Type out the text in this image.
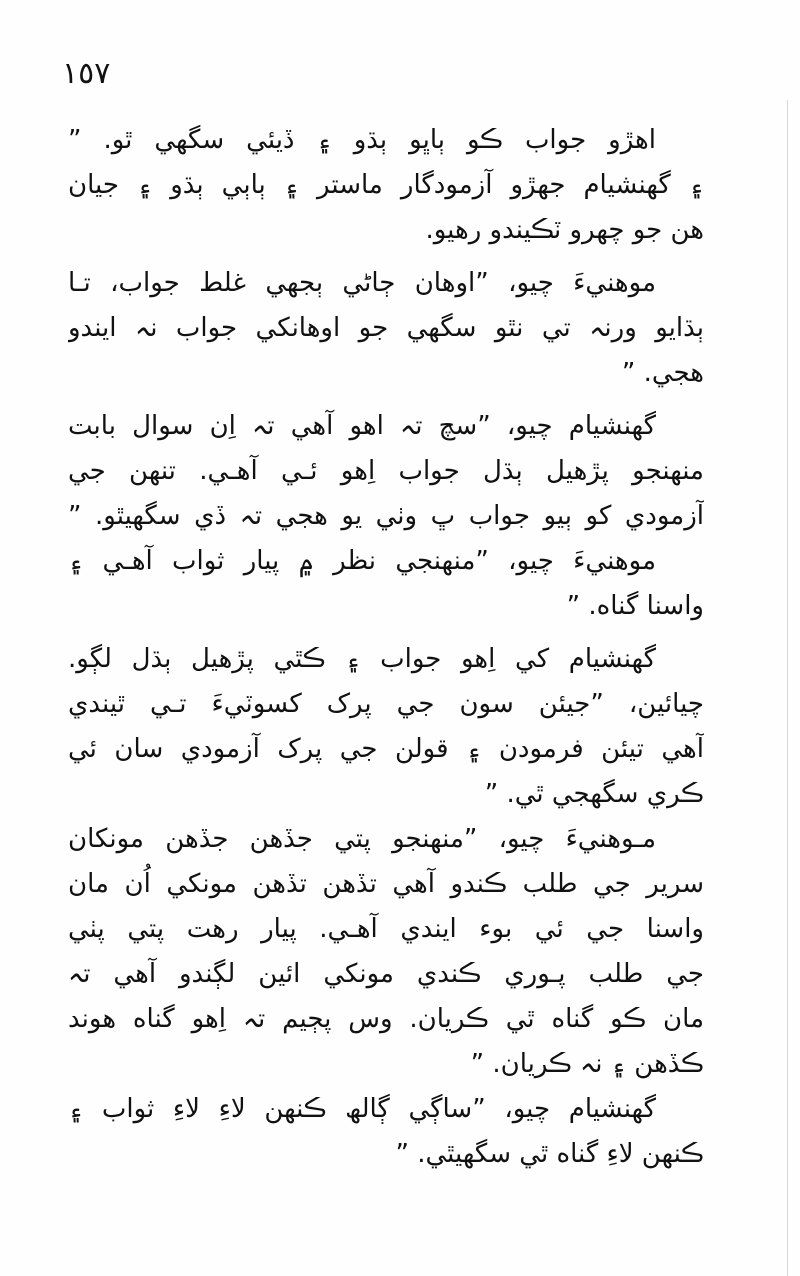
١٥٧
اھڙو جواب ڪو ٻاڀو ٻڌو ۽ ڏيئي سگھي ٿو. ”
۽ گھنشيام جھڙو آزمودگار ماستر ۽ ٻاٻي ٻڌو ۽ جيان
ھن جو چھرو ٽڪيندو رھيو.
موھنيءَ چيو، ”اوھان ڄاڻي ٻجھي غلط جواب، تـا
ٻڌايو ورنہ تي نٿو سگھي جو اوھانکي جواب نہ ايندو
ھجي. ”
گھنشيام چيو، ”سچ تہ اھو آھي تہ اِن سوال بابت
منھنجو پڙھيل ٻڌل جواب اِھو ئـي آھـي. تنھن جي
آزمودي کو ٻيو جواب ڀ وٺي يو ھجي تہ ڏي سگھيٿو. ”
موھنيءَ چيو، ”منھنجي نظر ۾ پيار ثواب آھـي ۽
واسنا گناه. ”
گھنشيام کي اِھو جواب ۽ ڪٿي پڙھيل ٻڌل لڳو.
چيائين، ”جيئن سون جي پرک کسوٽيءَ تـي ٿيندي
آھي تيئن فرمودن ۽ قولن جي پرک آزمودي سان ئي
ڪري سگھجي ٿي. ”
مـوھنيءَ چيو، ”منھنجو پتي جڏھن جڏھن مونکان
سرير جي طلب ڪندو آھي تڏھن تڏھن مونکي اُن مان
واسنا جي ئي بوء ايندي آھـي. پيار رھت پتي پٺي
جي طلب پـوري ڪندي مونکي ائين لڳندو آھي تہ
مان ڪو گناه ٿي ڪريان. وس پڄيم تہ اِھو گناه ھوند
ڪڏھن ۽ نہ ڪريان. ”
گھنشيام چيو، ”ساڳي ڳالھ ڪنھن لاءِ لاءِ ثواب ۽
ڪنھن لاءِ گناه ٿي سگھيٿي. ”
